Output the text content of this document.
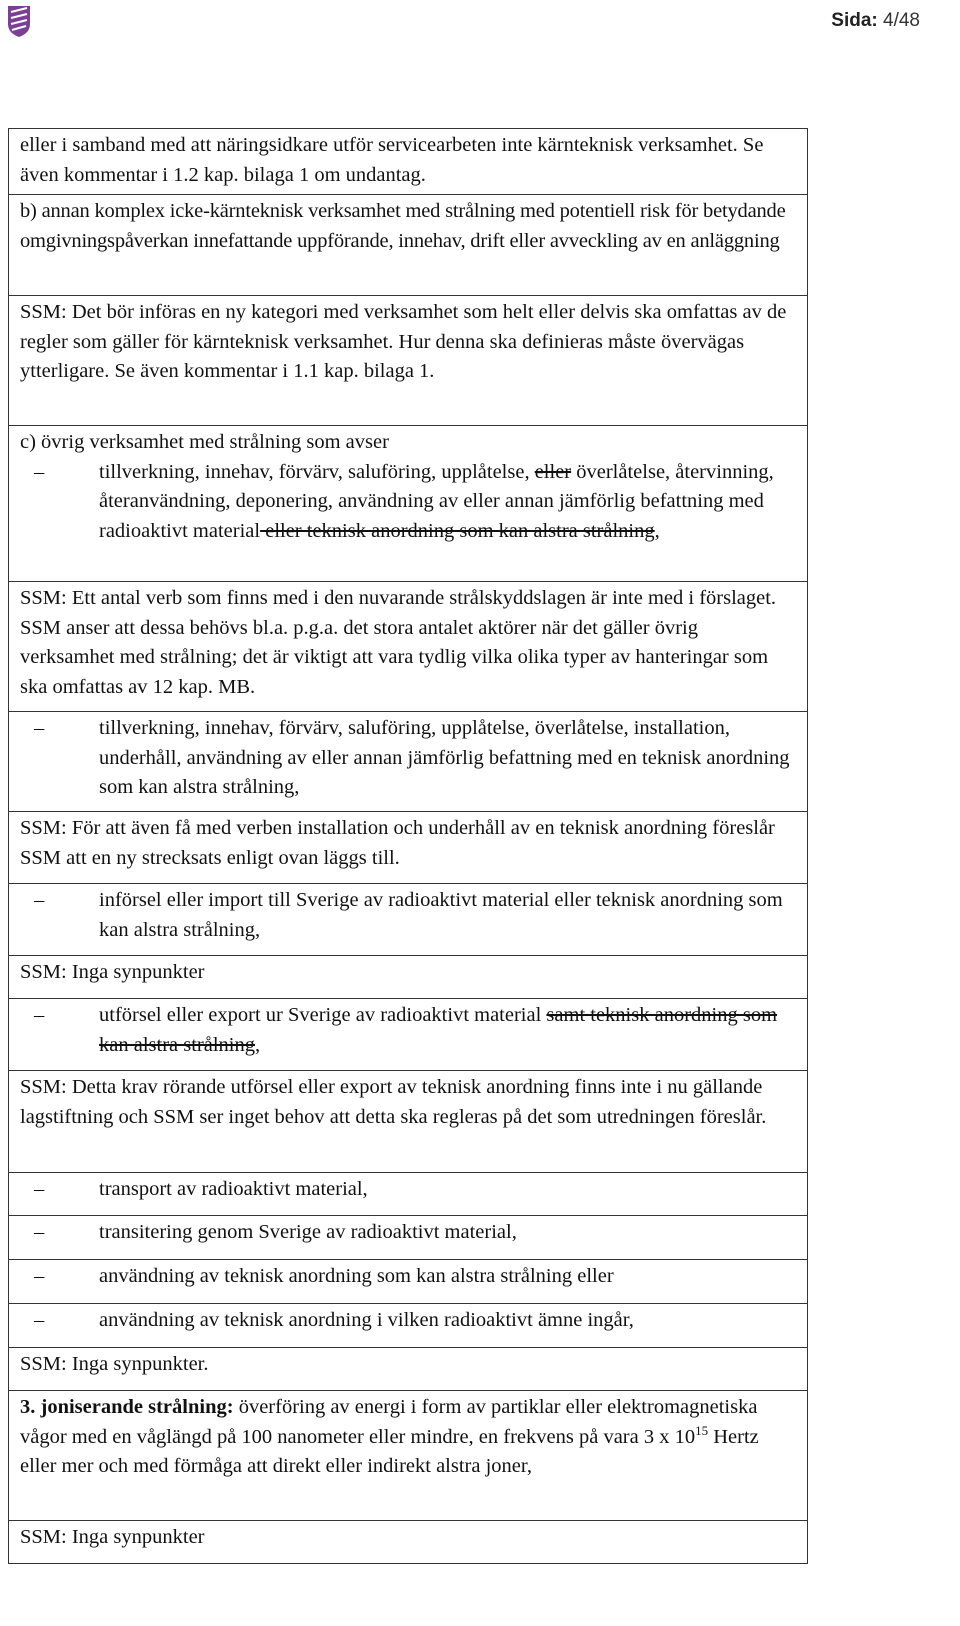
Sida: 4/48

eller i samband med att näringsidkare utför servicearbeten inte kärnteknisk verksamhet. Se även kommentar i 1.2 kap. bilaga 1 om undantag.

b) annan komplex icke-kärnteknisk verksamhet med strålning med potentiell risk för betydande omgivningspåverkan innefattande uppförande, innehav, drift eller avveckling av en anläggning

SSM: Det bör införas en ny kategori med verksamhet som helt eller delvis ska omfattas av de regler som gäller för kärnteknisk verksamhet. Hur denna ska definieras måste övervägas ytterligare. Se även kommentar i 1.1 kap. bilaga 1.

c) övrig verksamhet med strålning som avser

–	tillverkning, innehav, förvärv, saluföring, upplåtelse, eller överlåtelse, återvinning, återanvändning, deponering, användning av eller annan jämförlig befattning med radioaktivt material eller teknisk anordning som kan alstra strålning,

SSM: Ett antal verb som finns med i den nuvarande strålskyddslagen är inte med i förslaget. SSM anser att dessa behövs bl.a. p.g.a. det stora antalet aktörer när det gäller övrig verksamhet med strålning; det är viktigt att vara tydlig vilka olika typer av hanteringar som ska omfattas av 12 kap. MB.

–	tillverkning, innehav, förvärv, saluföring, upplåtelse, överlåtelse, installation, underhåll, användning av eller annan jämförlig befattning med en teknisk anordning som kan alstra strålning,

SSM: För att även få med verben installation och underhåll av en teknisk anordning föreslår SSM att en ny strecksats enligt ovan läggs till.

–	införsel eller import till Sverige av radioaktivt material eller teknisk anordning som kan alstra strålning,

SSM: Inga synpunkter

–	utförsel eller export ur Sverige av radioaktivt material samt teknisk anordning som kan alstra strålning,

SSM: Detta krav rörande utförsel eller export av teknisk anordning finns inte i nu gällande lagstiftning och SSM ser inget behov att detta ska regleras på det som utredningen föreslår.

–	transport av radioaktivt material,

–	transitering genom Sverige av radioaktivt material,

–	användning av teknisk anordning som kan alstra strålning eller

–	användning av teknisk anordning i vilken radioaktivt ämne ingår,

SSM: Inga synpunkter.

3. joniserande strålning: överföring av energi i form av partiklar eller elektromagnetiska vågor med en våglängd på 100 nanometer eller mindre, en frekvens på vara 3 x $10^{15}$ Hertz eller mer och med förmåga att direkt eller indirekt alstra joner,

SSM: Inga synpunkter
